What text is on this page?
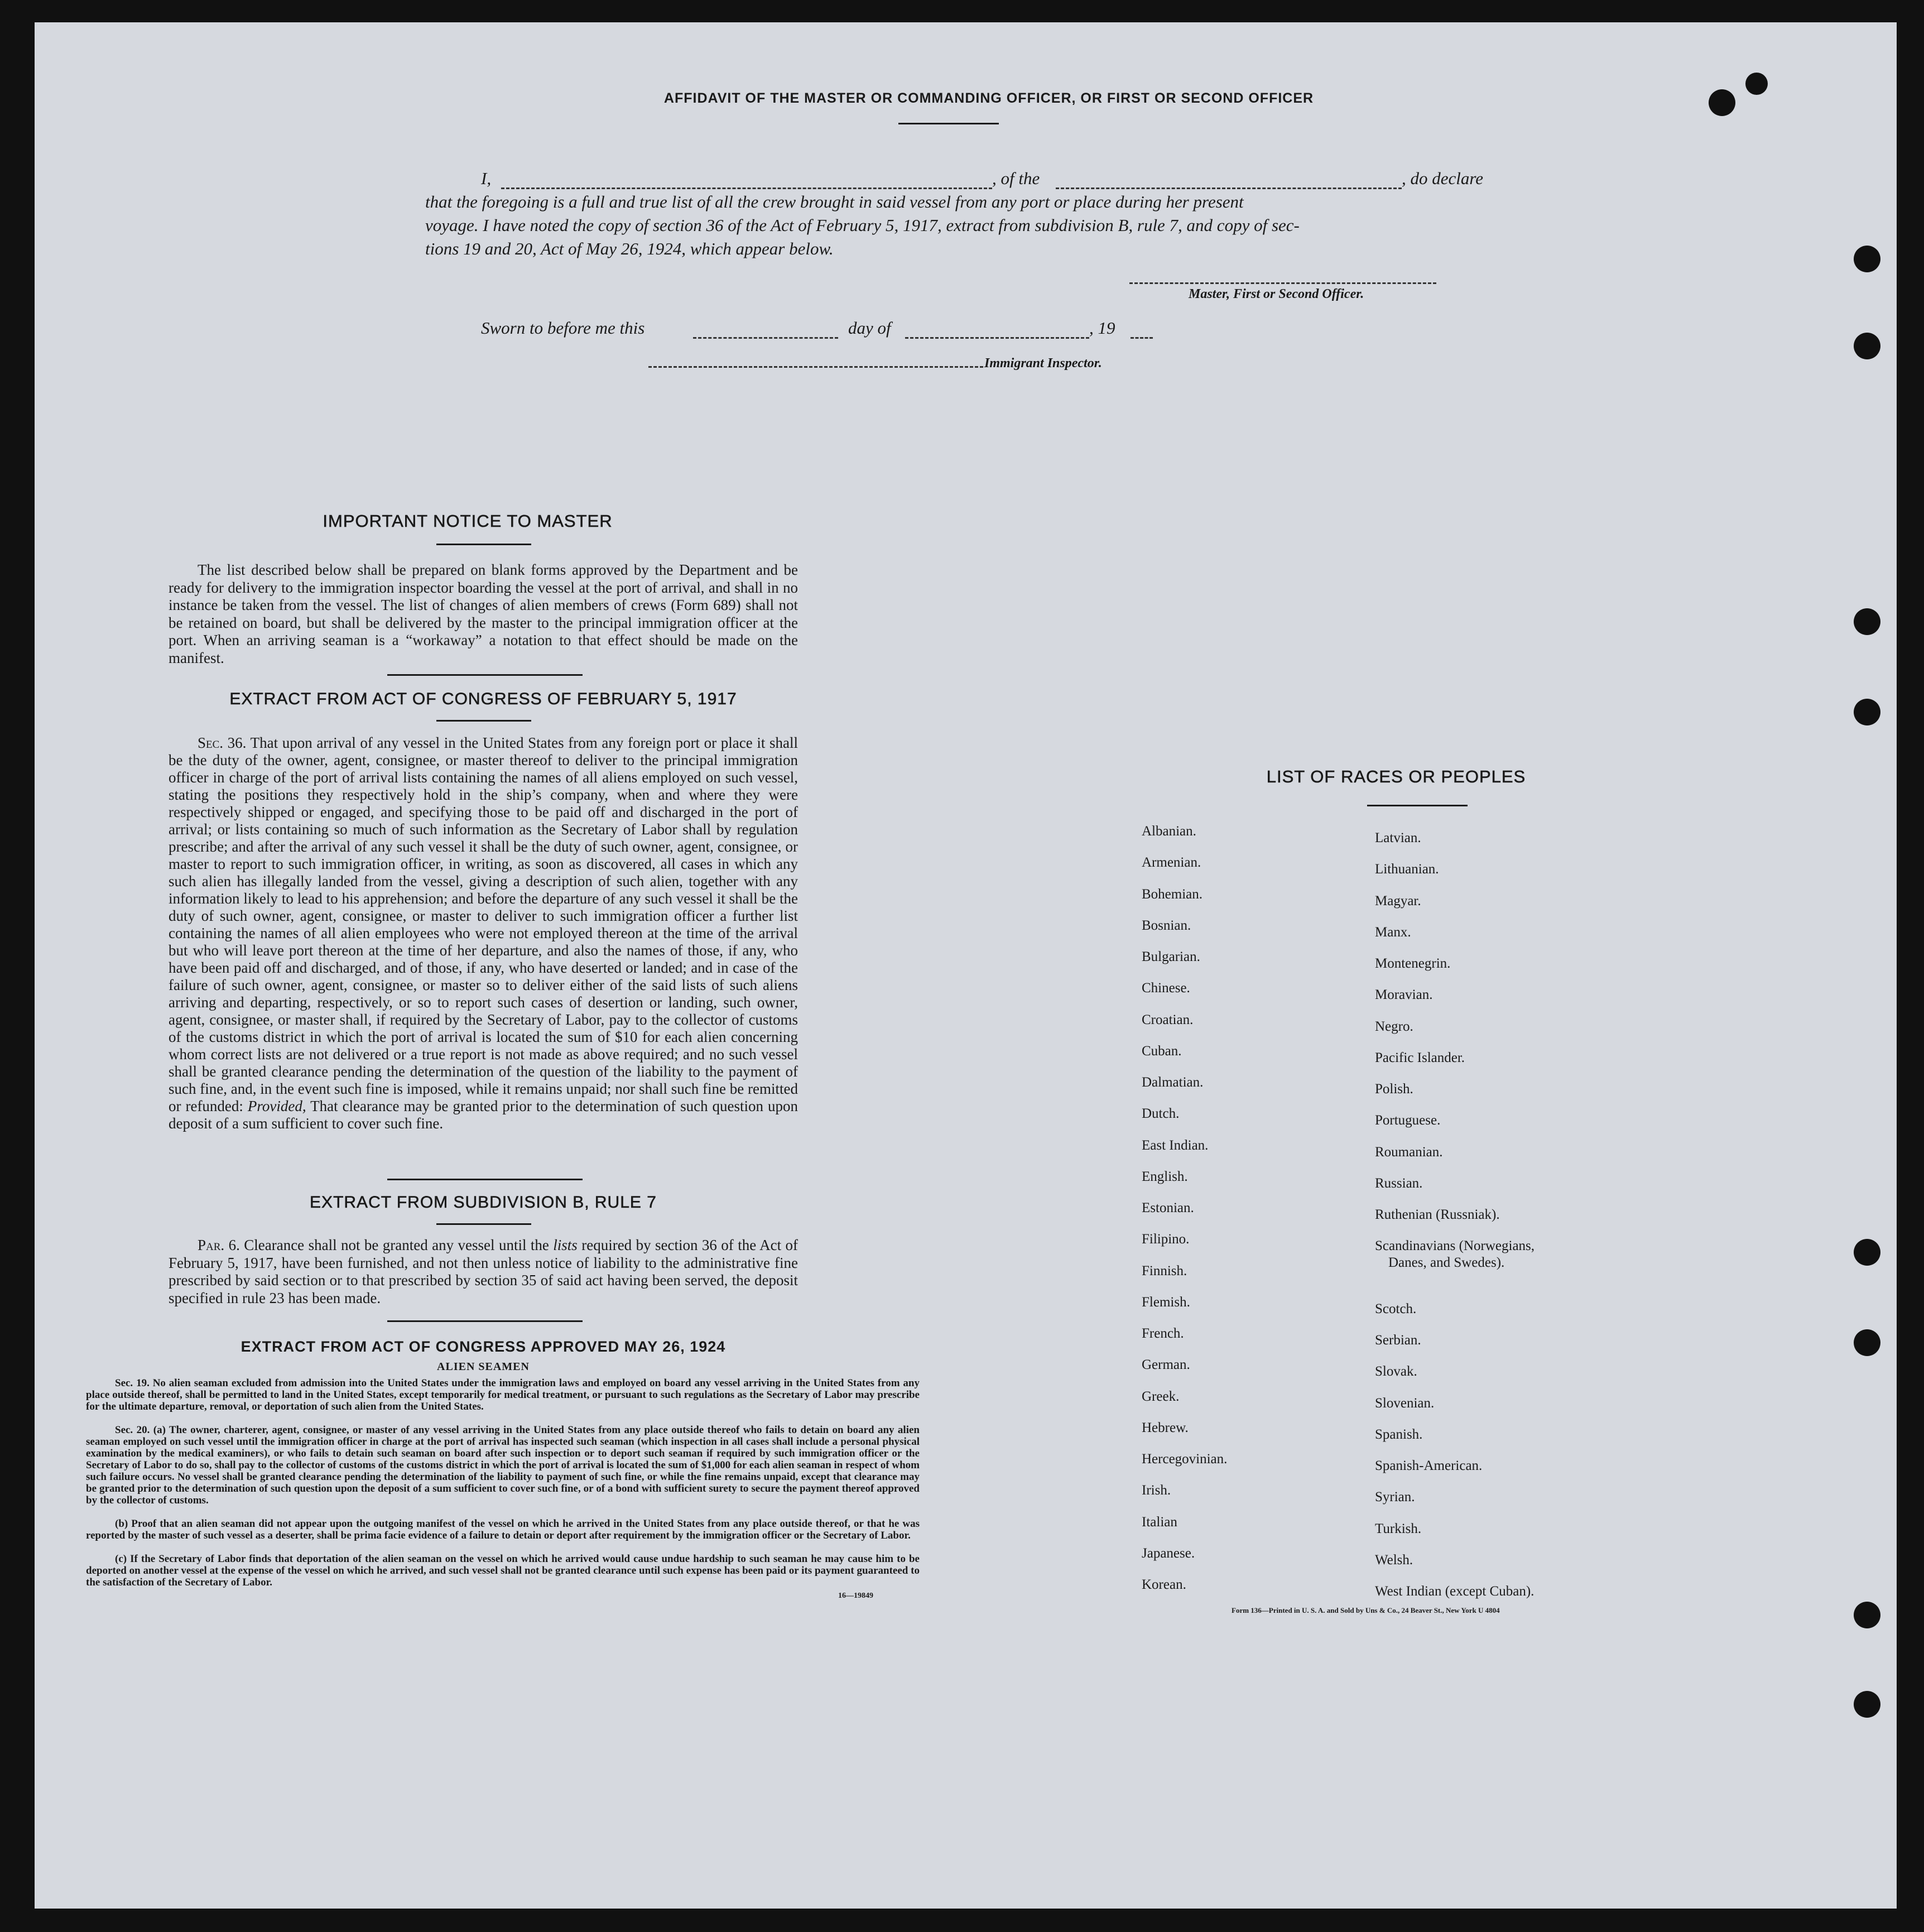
AFFIDAVIT OF THE MASTER OR COMMANDING OFFICER, OR FIRST OR SECOND OFFICER
I,	, of the	, do declare
that the foregoing is a full and true list of all the crew brought in said vessel from any port or place during her present
voyage. I have noted the copy of section 36 of the Act of February 5, 1917, extract from subdivision B, rule 7, and copy of sec-
tions 19 and 20, Act of May 26, 1924, which appear below.
Master, First or Second Officer.
Sworn to before me this	day of	, 19
Immigrant Inspector.
IMPORTANT NOTICE TO MASTER
The list described below shall be prepared on blank forms approved by the Department and be ready for delivery to the immigration inspector boarding the vessel at the port of arrival, and shall in no instance be taken from the vessel. The list of changes of alien members of crews (Form 689) shall not be retained on board, but shall be delivered by the master to the principal immigration officer at the port. When an arriving seaman is a “workaway” a notation to that effect should be made on the manifest.
EXTRACT FROM ACT OF CONGRESS OF FEBRUARY 5, 1917
Sec. 36. That upon arrival of any vessel in the United States from any foreign port or place it shall be the duty of the owner, agent, consignee, or master thereof to deliver to the principal immigration officer in charge of the port of arrival lists containing the names of all aliens employed on such vessel, stating the positions they respectively hold in the ship’s company, when and where they were respectively shipped or engaged, and specifying those to be paid off and discharged in the port of arrival; or lists containing so much of such information as the Secretary of Labor shall by regulation prescribe; and after the arrival of any such vessel it shall be the duty of such owner, agent, consignee, or master to report to such immigration officer, in writing, as soon as discovered, all cases in which any such alien has illegally landed from the vessel, giving a description of such alien, together with any information likely to lead to his apprehension; and before the departure of any such vessel it shall be the duty of such owner, agent, consignee, or master to deliver to such immigration officer a further list containing the names of all alien employees who were not employed thereon at the time of the arrival but who will leave port thereon at the time of her departure, and also the names of those, if any, who have been paid off and discharged, and of those, if any, who have deserted or landed; and in case of the failure of such owner, agent, consignee, or master so to deliver either of the said lists of such aliens arriving and departing, respectively, or so to report such cases of desertion or landing, such owner, agent, consignee, or master shall, if required by the Secretary of Labor, pay to the collector of customs of the customs district in which the port of arrival is located the sum of $10 for each alien concerning whom correct lists are not delivered or a true report is not made as above required; and no such vessel shall be granted clearance pending the determination of the question of the liability to the payment of such fine, and, in the event such fine is imposed, while it remains unpaid; nor shall such fine be remitted or refunded: Provided, That clearance may be granted prior to the determination of such question upon deposit of a sum sufficient to cover such fine.
EXTRACT FROM SUBDIVISION B, RULE 7
Par. 6. Clearance shall not be granted any vessel until the lists required by section 36 of the Act of February 5, 1917, have been furnished, and not then unless notice of liability to the administrative fine prescribed by said section or to that prescribed by section 35 of said act having been served, the deposit specified in rule 23 has been made.
EXTRACT FROM ACT OF CONGRESS APPROVED MAY 26, 1924
ALIEN SEAMEN
Sec. 19. No alien seaman excluded from admission into the United States under the immigration laws and employed on board any vessel arriving in the United States from any place outside thereof, shall be permitted to land in the United States, except temporarily for medical treatment, or pursuant to such regulations as the Secretary of Labor may prescribe for the ultimate departure, removal, or deportation of such alien from the United States.
Sec. 20. (a) The owner, charterer, agent, consignee, or master of any vessel arriving in the United States from any place outside thereof who fails to detain on board any alien seaman employed on such vessel until the immigration officer in charge at the port of arrival has inspected such seaman (which inspection in all cases shall include a personal physical examination by the medical examiners), or who fails to detain such seaman on board after such inspection or to deport such seaman if required by such immigration officer or the Secretary of Labor to do so, shall pay to the collector of customs of the customs district in which the port of arrival is located the sum of $1,000 for each alien seaman in respect of whom such failure occurs. No vessel shall be granted clearance pending the determination of the liability to payment of such fine, or while the fine remains unpaid, except that clearance may be granted prior to the determination of such question upon the deposit of a sum sufficient to cover such fine, or of a bond with sufficient surety to secure the payment thereof approved by the collector of customs.
(b) Proof that an alien seaman did not appear upon the outgoing manifest of the vessel on which he arrived in the United States from any place outside thereof, or that he was reported by the master of such vessel as a deserter, shall be prima facie evidence of a failure to detain or deport after requirement by the immigration officer or the Secretary of Labor.
(c) If the Secretary of Labor finds that deportation of the alien seaman on the vessel on which he arrived would cause undue hardship to such seaman he may cause him to be deported on another vessel at the expense of the vessel on which he arrived, and such vessel shall not be granted clearance until such expense has been paid or its payment guaranteed to the satisfaction of the Secretary of Labor.
16—19849
LIST OF RACES OR PEOPLES
Form 136—Printed in U. S. A. and Sold by Uns & Co., 24 Beaver St., New York U 4804
Albanian.
Armenian.
Bohemian.
Bosnian.
Bulgarian.
Chinese.
Croatian.
Cuban.
Dalmatian.
Dutch.
East Indian.
English.
Estonian.
Filipino.
Finnish.
Flemish.
French.
German.
Greek.
Hebrew.
Hercegovinian.
Irish.
Italian
Japanese.
Korean.
Latvian.
Lithuanian.
Magyar.
Manx.
Montenegrin.
Moravian.
Negro.
Pacific Islander.
Polish.
Portuguese.
Roumanian.
Russian.
Ruthenian (Russniak).
Scandinavians (Norwegians,
Danes, and Swedes).
Scotch.
Serbian.
Slovak.
Slovenian.
Spanish.
Spanish-American.
Syrian.
Turkish.
Welsh.
West Indian (except Cuban).
